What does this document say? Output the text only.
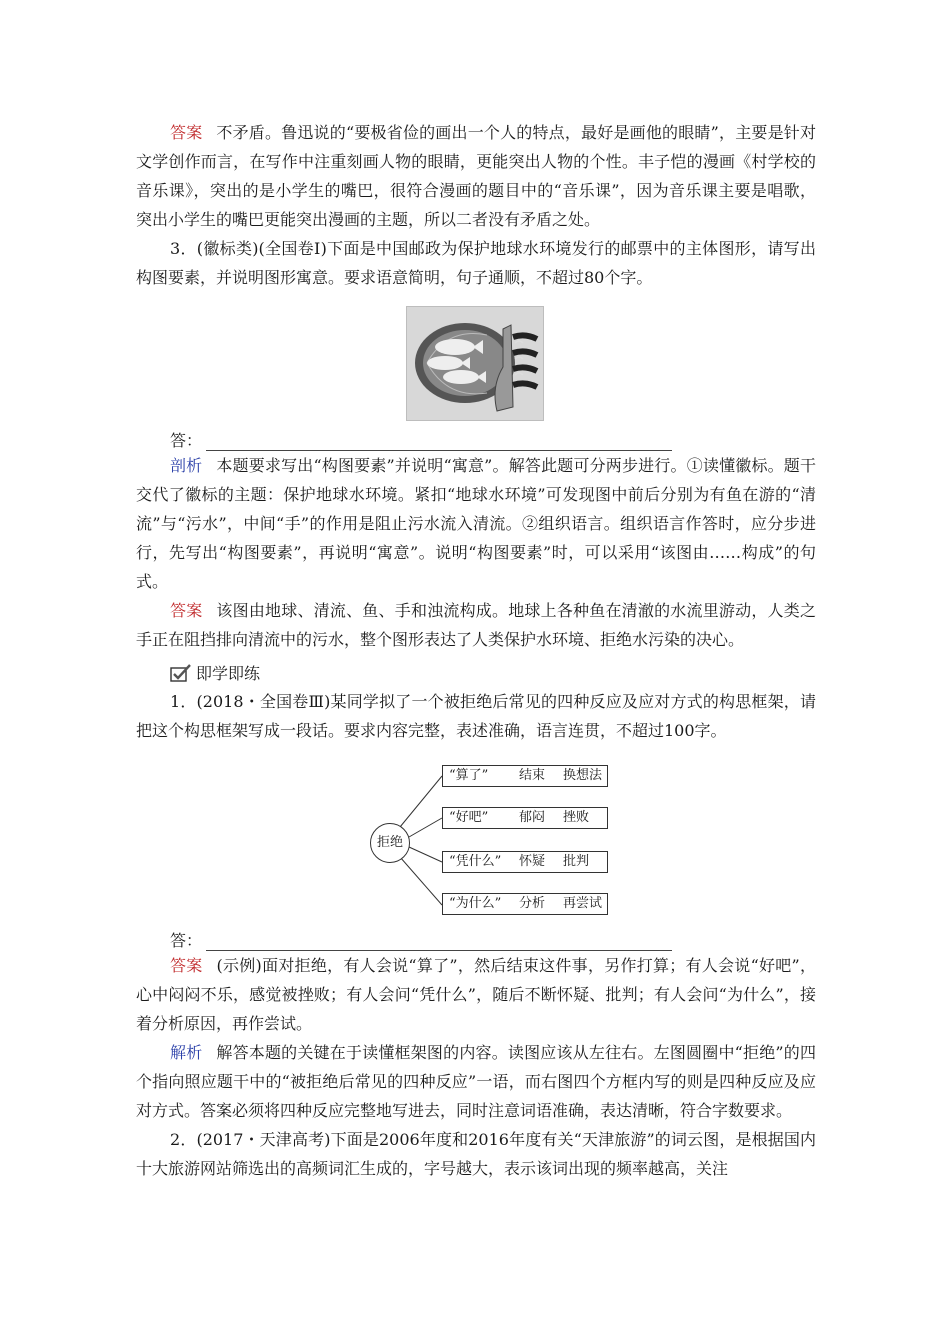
答案 不矛盾。鲁迅说的“要极省俭的画出一个人的特点，最好是画他的眼睛”，主要是针对文学创作而言，在写作中注重刻画人物的眼睛，更能突出人物的个性。丰子恺的漫画《村学校的音乐课》，突出的是小学生的嘴巴，很符合漫画的题目中的“音乐课”，因为音乐课主要是唱歌，突出小学生的嘴巴更能突出漫画的主题，所以二者没有矛盾之处。

3．(徽标类)(全国卷Ⅰ)下面是中国邮政为保护地球水环境发行的邮票中的主体图形，请写出构图要素，并说明图形寓意。要求语意简明，句子通顺，不超过80个字。

答：

剖析 本题要求写出“构图要素”并说明“寓意”。解答此题可分两步进行。①读懂徽标。题干交代了徽标的主题：保护地球水环境。紧扣“地球水环境”可发现图中前后分别为有鱼在游的“清流”与“污水”，中间“手”的作用是阻止污水流入清流。②组织语言。组织语言作答时，应分步进行，先写出“构图要素”，再说明“寓意”。说明“构图要素”时，可以采用“该图由……构成”的句式。

答案 该图由地球、清流、鱼、手和浊流构成。地球上各种鱼在清澈的水流里游动，人类之手正在阻挡排向清流中的污水，整个图形表达了人类保护水环境、拒绝水污染的决心。

即学即练

1．(2018・全国卷Ⅲ)某同学拟了一个被拒绝后常见的四种反应及应对方式的构思框架，请把这个构思框架写成一段话。要求内容完整，表述准确，语言连贯，不超过100字。

拒绝
“算了”	结束	换想法
“好吧”	郁闷	挫败
“凭什么”	怀疑	批判
“为什么”	分析	再尝试
答：

答案 (示例)面对拒绝，有人会说“算了”，然后结束这件事，另作打算；有人会说“好吧”，心中闷闷不乐，感觉被挫败；有人会问“凭什么”，随后不断怀疑、批判；有人会问“为什么”，接着分析原因，再作尝试。

解析 解答本题的关键在于读懂框架图的内容。读图应该从左往右。左图圆圈中“拒绝”的四个指向照应题干中的“被拒绝后常见的四种反应”一语，而右图四个方框内写的则是四种反应及应对方式。答案必须将四种反应完整地写进去，同时注意词语准确，表达清晰，符合字数要求。

2．(2017・天津高考)下面是2006年度和2016年度有关“天津旅游”的词云图，是根据国内十大旅游网站筛选出的高频词汇生成的，字号越大，表示该词出现的频率越高，关注
